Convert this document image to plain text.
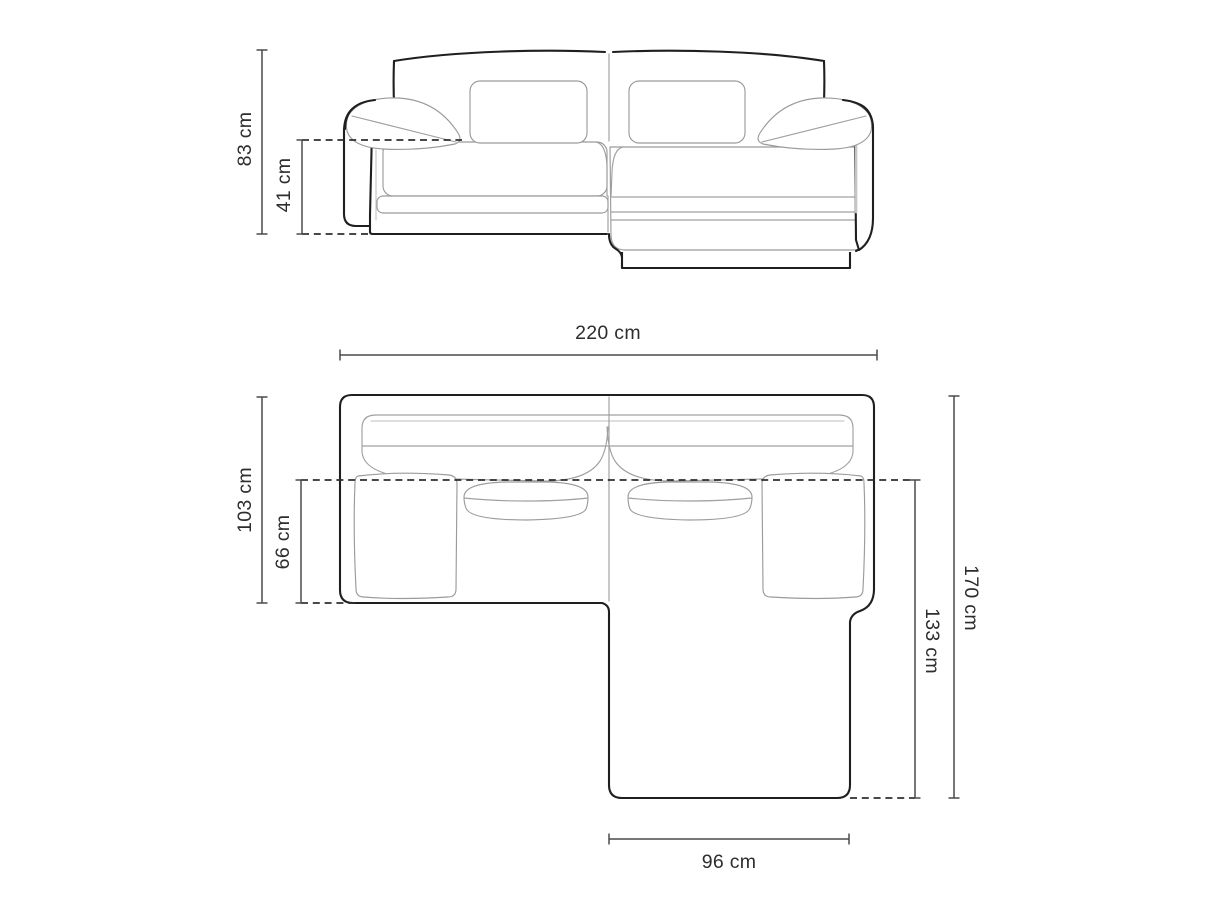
83 cm
41 cm
220 cm
103 cm
66 cm
170 cm
133 cm
96 cm
